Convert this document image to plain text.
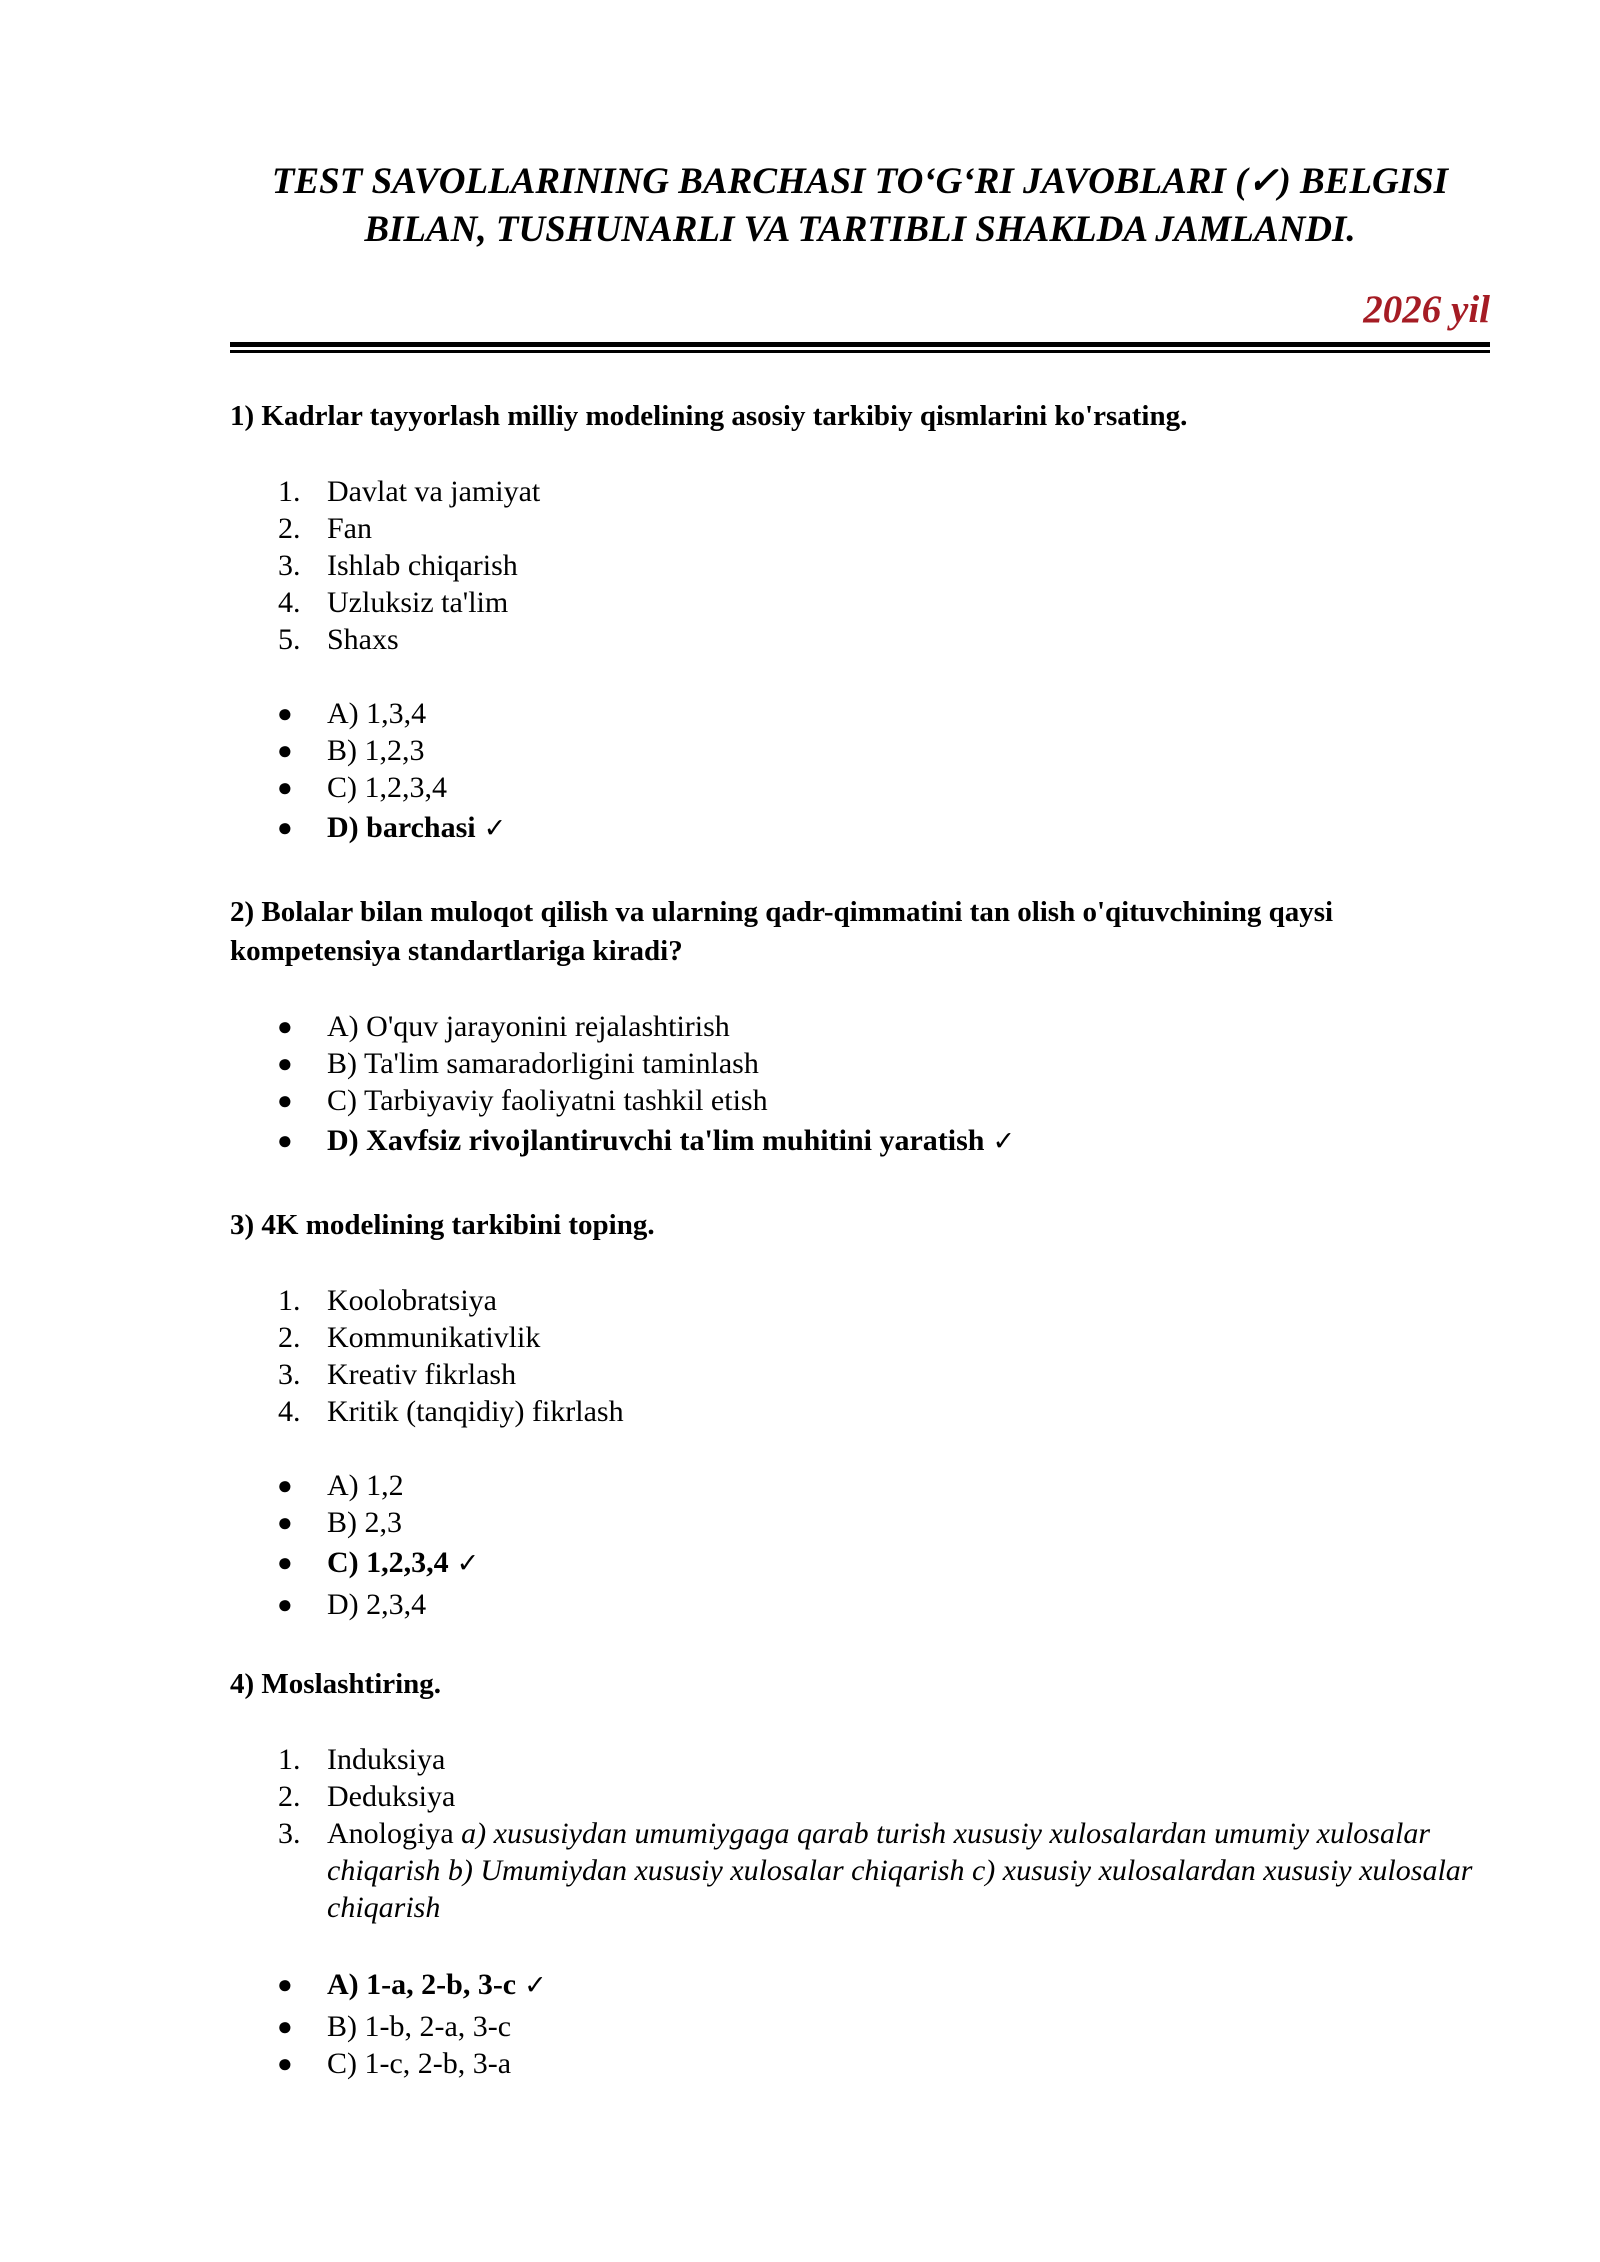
TEST SAVOLLARINING BARCHASI TO‘G‘RI JAVOBLARI (✓) BELGISI BILAN, TUSHUNARLI VA TARTIBLI SHAKLDA JAMLANDI.
2026 yil

1) Kadrlar tayyorlash milliy modelining asosiy tarkibiy qismlarini ko'rsating.

1. Davlat va jamiyat
2. Fan
3. Ishlab chiqarish
4. Uzluksiz ta'lim
5. Shaxs
● A) 1,3,4
● B) 1,2,3
● C) 1,2,3,4
● D) barchasi ✓

2) Bolalar bilan muloqot qilish va ularning qadr-qimmatini tan olish o'qituvchining qaysi kompetensiya standartlariga kiradi?

● A) O'quv jarayonini rejalashtirish
● B) Ta'lim samaradorligini taminlash
● C) Tarbiyaviy faoliyatni tashkil etish
● D) Xavfsiz rivojlantiruvchi ta'lim muhitini yaratish ✓

3) 4K modelining tarkibini toping.

1. Koolobratsiya
2. Kommunikativlik
3. Kreativ fikrlash
4. Kritik (tanqidiy) fikrlash
● A) 1,2
● B) 2,3
● C) 1,2,3,4 ✓
● D) 2,3,4

4) Moslashtiring.

1. Induksiya
2. Deduksiya
3. Anologiya a) xususiydan umumiygaga qarab turish xususiy xulosalardan umumiy xulosalar chiqarish b) Umumiydan xususiy xulosalar chiqarish c) xususiy xulosalardan xususiy xulosalar chiqarish
● A) 1-a, 2-b, 3-c ✓
● B) 1-b, 2-a, 3-c
● C) 1-c, 2-b, 3-a
